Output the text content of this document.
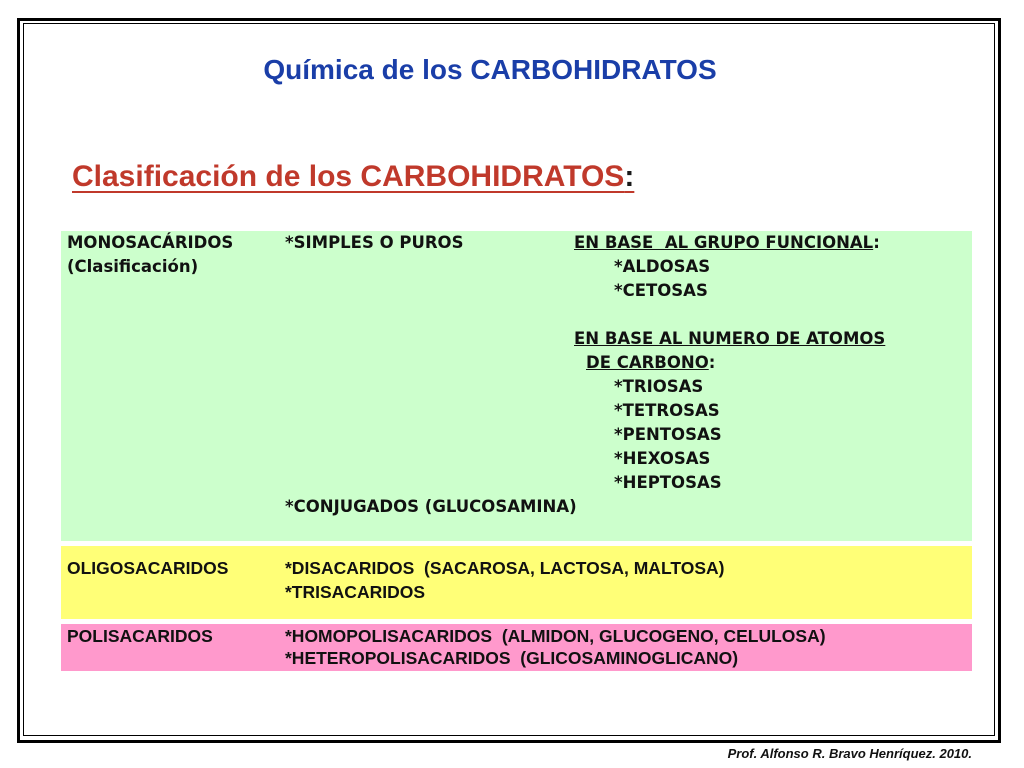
Química de los CARBOHIDRATOS
Clasificación de los CARBOHIDRATOS:
MONOSACÁRIDOS
(Clasificación)
*SIMPLES O PUROS
*CONJUGADOS (GLUCOSAMINA)
EN BASE  AL GRUPO FUNCIONAL:
*ALDOSAS
*CETOSAS
EN BASE AL NUMERO DE ATOMOS
DE CARBONO:
*TRIOSAS
*TETROSAS
*PENTOSAS
*HEXOSAS
*HEPTOSAS
OLIGOSACARIDOS	*DISACARIDOS  (SACAROSA, LACTOSA, MALTOSA)
*TRISACARIDOS
POLISACARIDOS	*HOMOPOLISACARIDOS  (ALMIDON, GLUCOGENO, CELULOSA)
*HETEROPOLISACARIDOS  (GLICOSAMINOGLICANO)
Prof. Alfonso R. Bravo Henríquez. 2010.
